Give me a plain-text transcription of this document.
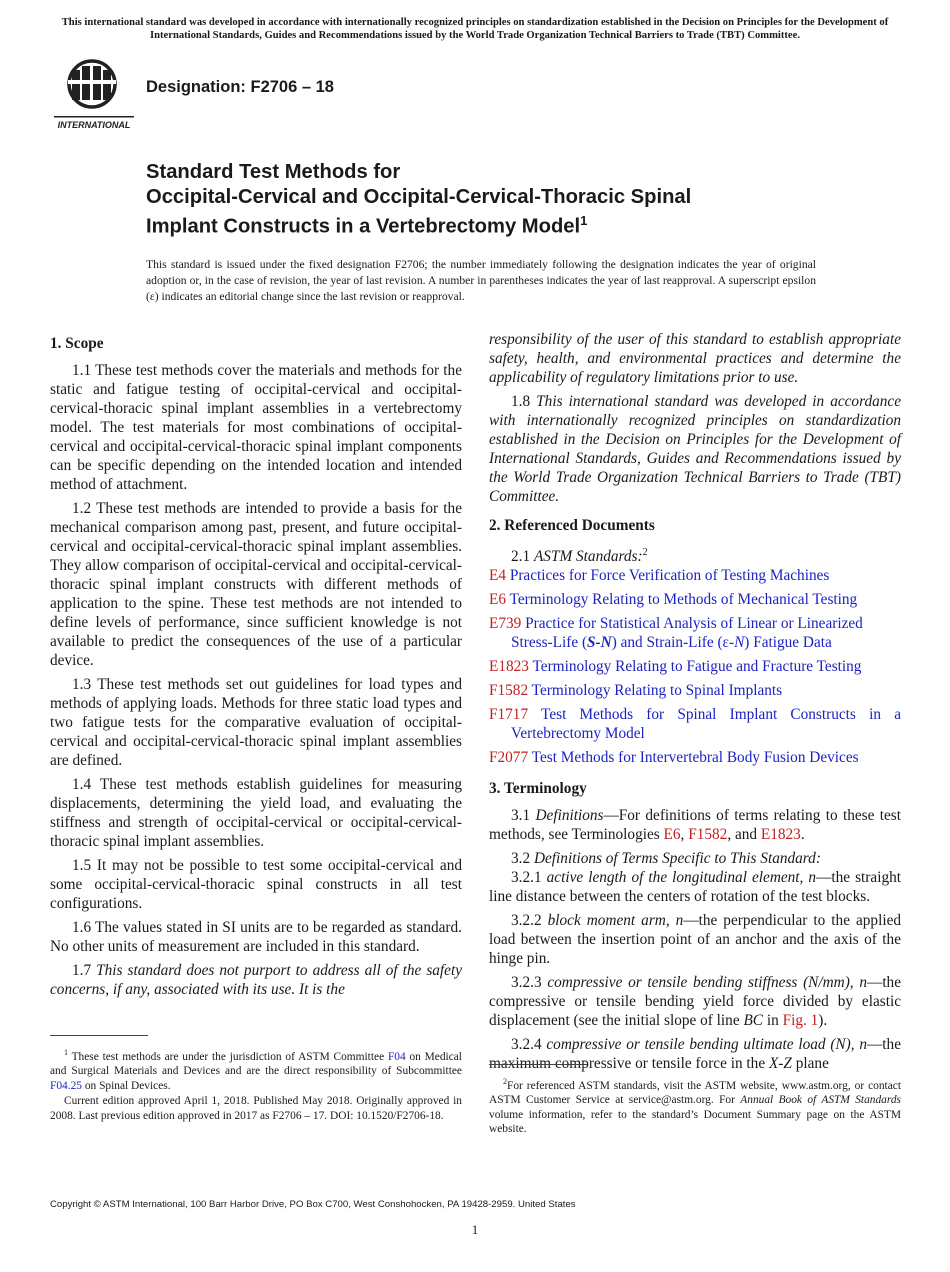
This international standard was developed in accordance with internationally recognized principles on standardization established in the Decision on Principles for the Development of International Standards, Guides and Recommendations issued by the World Trade Organization Technical Barriers to Trade (TBT) Committee.
INTERNATIONAL
Designation: F2706 – 18
Standard Test Methods for
Occipital-Cervical and Occipital-Cervical-Thoracic Spinal
Implant Constructs in a Vertebrectomy Model$^1$
This standard is issued under the fixed designation F2706; the number immediately following the designation indicates the year of original adoption or, in the case of revision, the year of last revision. A number in parentheses indicates the year of last reapproval. A superscript epsilon (ε) indicates an editorial change since the last revision or reapproval.
1. Scope

1.1 These test methods cover the materials and methods for the static and fatigue testing of occipital-cervical and occipital-cervical-thoracic spinal implant assemblies in a vertebrectomy model. The test materials for most combinations of occipital-cervical and occipital-cervical-thoracic spinal implant components can be specific depending on the intended location and intended method of attachment.

1.2 These test methods are intended to provide a basis for the mechanical comparison among past, present, and future occipital-cervical and occipital-cervical-thoracic spinal implant assemblies. They allow comparison of occipital-cervical and occipital-cervical-thoracic spinal implant constructs with different methods of application to the spine. These test methods are not intended to define levels of performance, since sufficient knowledge is not available to predict the consequences of the use of a particular device.

1.3 These test methods set out guidelines for load types and methods of applying loads. Methods for three static load types and two fatigue tests for the comparative evaluation of occipital-cervical and occipital-cervical-thoracic spinal implant assemblies are defined.

1.4 These test methods establish guidelines for measuring displacements, determining the yield load, and evaluating the stiffness and strength of occipital-cervical or occipital-cervical-thoracic spinal implant assemblies.

1.5 It may not be possible to test some occipital-cervical and some occipital-cervical-thoracic spinal constructs in all test configurations.

1.6 The values stated in SI units are to be regarded as standard. No other units of measurement are included in this standard.

1.7 This standard does not purport to address all of the safety concerns, if any, associated with its use. It is the

responsibility of the user of this standard to establish appropriate safety, health, and environmental practices and determine the applicability of regulatory limitations prior to use.

1.8 This international standard was developed in accordance with internationally recognized principles on standardization established in the Decision on Principles for the Development of International Standards, Guides and Recommendations issued by the World Trade Organization Technical Barriers to Trade (TBT) Committee.

2. Referenced Documents

2.1 ASTM Standards:$^2$

E4 Practices for Force Verification of Testing Machines

E6 Terminology Relating to Methods of Mechanical Testing

E739 Practice for Statistical Analysis of Linear or Linearized Stress-Life (S-N) and Strain-Life (ε-N) Fatigue Data

E1823 Terminology Relating to Fatigue and Fracture Testing

F1582 Terminology Relating to Spinal Implants

F1717 Test Methods for Spinal Implant Constructs in a Vertebrectomy Model

F2077 Test Methods for Intervertebral Body Fusion Devices

3. Terminology

3.1 Definitions—For definitions of terms relating to these test methods, see Terminologies E6, F1582, and E1823.

3.2 Definitions of Terms Specific to This Standard:

3.2.1 active length of the longitudinal element, n—the straight line distance between the centers of rotation of the test blocks.

3.2.2 block moment arm, n—the perpendicular to the applied load between the insertion point of an anchor and the axis of the hinge pin.

3.2.3 compressive or tensile bending stiffness (N/mm), n—the compressive or tensile bending yield force divided by elastic displacement (see the initial slope of line BC in Fig. 1).

3.2.4 compressive or tensile bending ultimate load (N), n—the maximum compressive or tensile force in the X-Z plane

$^1$ These test methods are under the jurisdiction of ASTM Committee F04 on Medical and Surgical Materials and Devices and are the direct responsibility of Subcommittee F04.25 on Spinal Devices.

Current edition approved April 1, 2018. Published May 2018. Originally approved in 2008. Last previous edition approved in 2017 as F2706 – 17. DOI: 10.1520/F2706-18.

$^2$For referenced ASTM standards, visit the ASTM website, www.astm.org, or contact ASTM Customer Service at service@astm.org. For Annual Book of ASTM Standards volume information, refer to the standard’s Document Summary page on the ASTM website.

Copyright © ASTM International, 100 Barr Harbor Drive, PO Box C700, West Conshohocken, PA 19428-2959. United States
1
